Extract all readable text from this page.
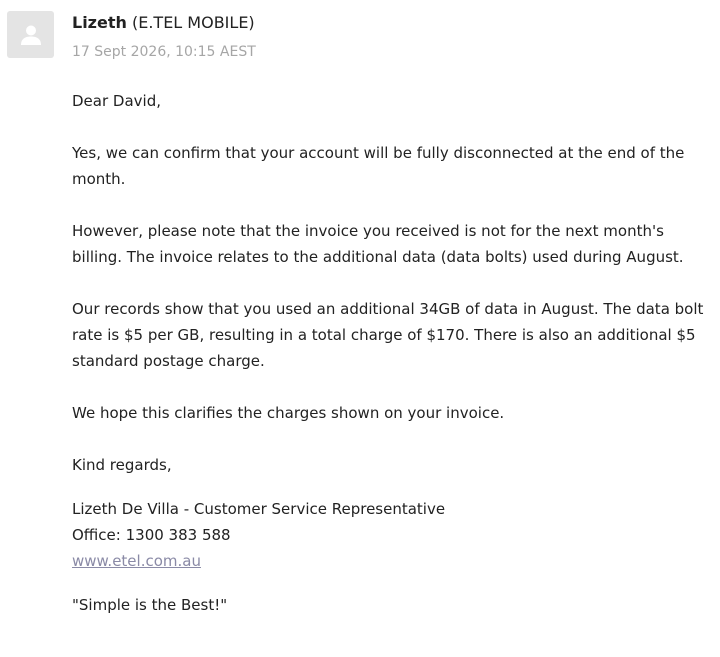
Lizeth (E.TEL MOBILE)
17 Sept 2026, 10:15 AEST

Dear David,

Yes, we can confirm that your account will be fully disconnected at the end of the month.

However, please note that the invoice you received is not for the next month's billing. The invoice relates to the additional data (data bolts) used during August.

Our records show that you used an additional 34GB of data in August. The data bolt rate is $5 per GB, resulting in a total charge of $170. There is also an additional $5 standard postage charge.

We hope this clarifies the charges shown on your invoice.

Kind regards,

Lizeth De Villa - Customer Service Representative

Office: 1300 383 588

www.etel.com.au

"Simple is the Best!"
